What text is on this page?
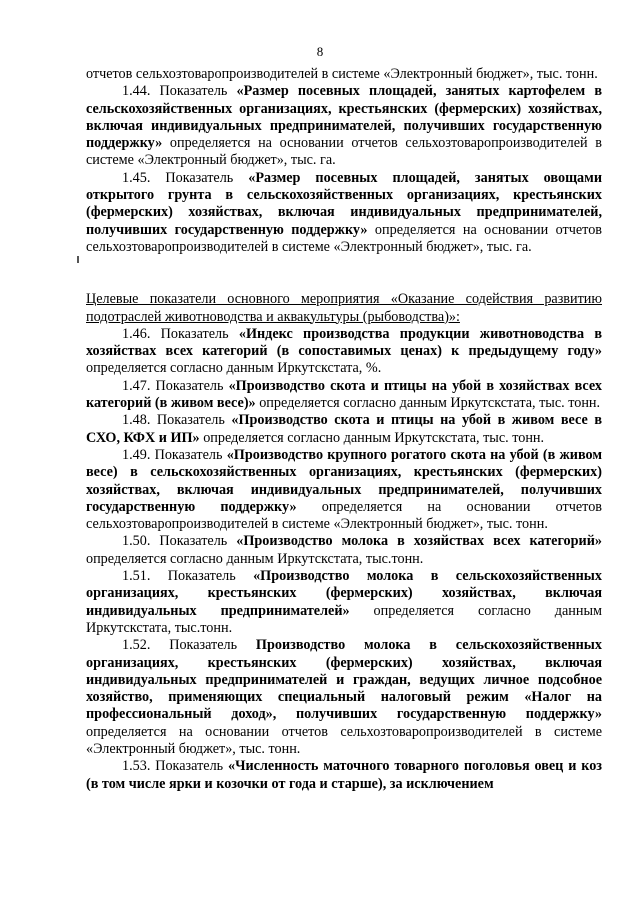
8

отчетов сельхозтоваропроизводителей в системе «Электронный бюджет», тыс. тонн.

1.44. Показатель «Размер посевных площадей, занятых картофелем в сельскохозяйственных организациях, крестьянских (фермерских) хозяйствах, включая индивидуальных предпринимателей, получивших государственную поддержку» определяется на основании отчетов сельхозтоваропроизводителей в системе «Электронный бюджет», тыс. га.

1.45. Показатель «Размер посевных площадей, занятых овощами открытого грунта в сельскохозяйственных организациях, крестьянских (фермерских) хозяйствах, включая индивидуальных предпринимателей, получивших государственную поддержку» определяется на основании отчетов сельхозтоваропроизводителей в системе «Электронный бюджет», тыс. га.

Целевые показатели основного мероприятия «Оказание содействия развитию подотраслей животноводства и аквакультуры (рыбоводства)»:

1.46. Показатель «Индекс производства продукции животноводства в хозяйствах всех категорий (в сопоставимых ценах) к предыдущему году» определяется согласно данным Иркутскстата, %.

1.47. Показатель «Производство скота и птицы на убой в хозяйствах всех категорий (в живом весе)» определяется согласно данным Иркутскстата, тыс. тонн.

1.48. Показатель «Производство скота и птицы на убой в живом весе в СХО, КФХ и ИП» определяется согласно данным Иркутскстата, тыс. тонн.

1.49. Показатель «Производство крупного рогатого скота на убой (в живом весе) в сельскохозяйственных организациях, крестьянских (фермерских) хозяйствах, включая индивидуальных предпринимателей, получивших государственную поддержку» определяется на основании отчетов сельхозтоваропроизводителей в системе «Электронный бюджет», тыс. тонн.

1.50. Показатель «Производство молока в хозяйствах всех категорий» определяется согласно данным Иркутскстата, тыс.тонн.

1.51. Показатель «Производство молока в сельскохозяйственных организациях, крестьянских (фермерских) хозяйствах, включая индивидуальных предпринимателей» определяется согласно данным Иркутскстата, тыс.тонн.

1.52. Показатель Производство молока в сельскохозяйственных организациях, крестьянских (фермерских) хозяйствах, включая индивидуальных предпринимателей и граждан, ведущих личное подсобное хозяйство, применяющих специальный налоговый режим «Налог на профессиональный доход», получивших государственную поддержку» определяется на основании отчетов сельхозтоваропроизводителей в системе «Электронный бюджет», тыс. тонн.

1.53. Показатель «Численность маточного товарного поголовья овец и коз (в том числе ярки и козочки от года и старше), за исключением
